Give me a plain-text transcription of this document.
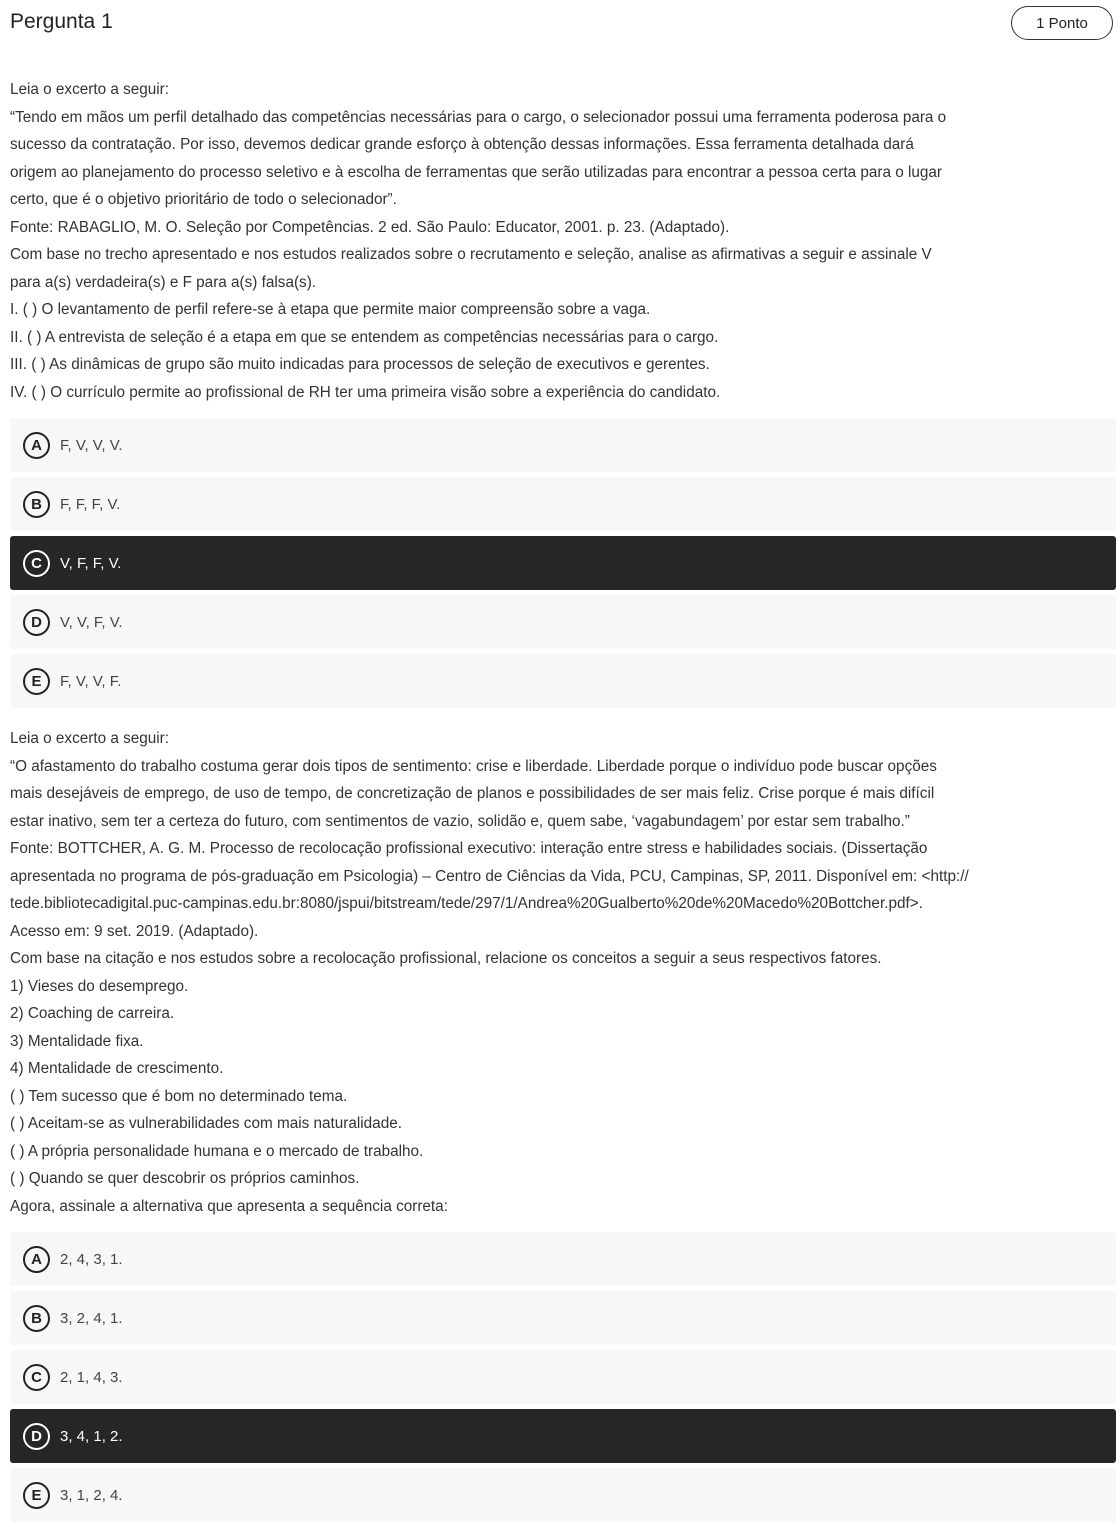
Pergunta 1	1 Ponto
Leia o excerto a seguir:
“Tendo em mãos um perfil detalhado das competências necessárias para o cargo, o selecionador possui uma ferramenta poderosa para o
sucesso da contratação. Por isso, devemos dedicar grande esforço à obtenção dessas informações. Essa ferramenta detalhada dará
origem ao planejamento do processo seletivo e à escolha de ferramentas que serão utilizadas para encontrar a pessoa certa para o lugar
certo, que é o objetivo prioritário de todo o selecionador”.
Fonte: RABAGLIO, M. O. Seleção por Competências. 2 ed. São Paulo: Educator, 2001. p. 23. (Adaptado).
Com base no trecho apresentado e nos estudos realizados sobre o recrutamento e seleção, analise as afirmativas a seguir e assinale V
para a(s) verdadeira(s) e F para a(s) falsa(s).
I. ( ) O levantamento de perfil refere-se à etapa que permite maior compreensão sobre a vaga.
II. ( ) A entrevista de seleção é a etapa em que se entendem as competências necessárias para o cargo.
III. ( ) As dinâmicas de grupo são muito indicadas para processos de seleção de executivos e gerentes.
IV. ( ) O currículo permite ao profissional de RH ter uma primeira visão sobre a experiência do candidato.
A	F, V, V, V.
B	F, F, F, V.
C	V, F, F, V.
D	V, V, F, V.
E	F, V, V, F.
Leia o excerto a seguir:
“O afastamento do trabalho costuma gerar dois tipos de sentimento: crise e liberdade. Liberdade porque o indivíduo pode buscar opções
mais desejáveis de emprego, de uso de tempo, de concretização de planos e possibilidades de ser mais feliz. Crise porque é mais difícil
estar inativo, sem ter a certeza do futuro, com sentimentos de vazio, solidão e, quem sabe, ‘vagabundagem’ por estar sem trabalho.”
Fonte: BOTTCHER, A. G. M. Processo de recolocação profissional executivo: interação entre stress e habilidades sociais. (Dissertação
apresentada no programa de pós-graduação em Psicologia) – Centro de Ciências da Vida, PCU, Campinas, SP, 2011. Disponível em: <http://
tede.bibliotecadigital.puc-campinas.edu.br:8080/jspui/bitstream/tede/297/1/Andrea%20Gualberto%20de%20Macedo%20Bottcher.pdf>.
Acesso em: 9 set. 2019. (Adaptado).
Com base na citação e nos estudos sobre a recolocação profissional, relacione os conceitos a seguir a seus respectivos fatores.
1) Vieses do desemprego.
2) Coaching de carreira.
3) Mentalidade fixa.
4) Mentalidade de crescimento.
( ) Tem sucesso que é bom no determinado tema.
( ) Aceitam-se as vulnerabilidades com mais naturalidade.
( ) A própria personalidade humana e o mercado de trabalho.
( ) Quando se quer descobrir os próprios caminhos.
Agora, assinale a alternativa que apresenta a sequência correta:
A	2, 4, 3, 1.
B	3, 2, 4, 1.
C	2, 1, 4, 3.
D	3, 4, 1, 2.
E	3, 1, 2, 4.
